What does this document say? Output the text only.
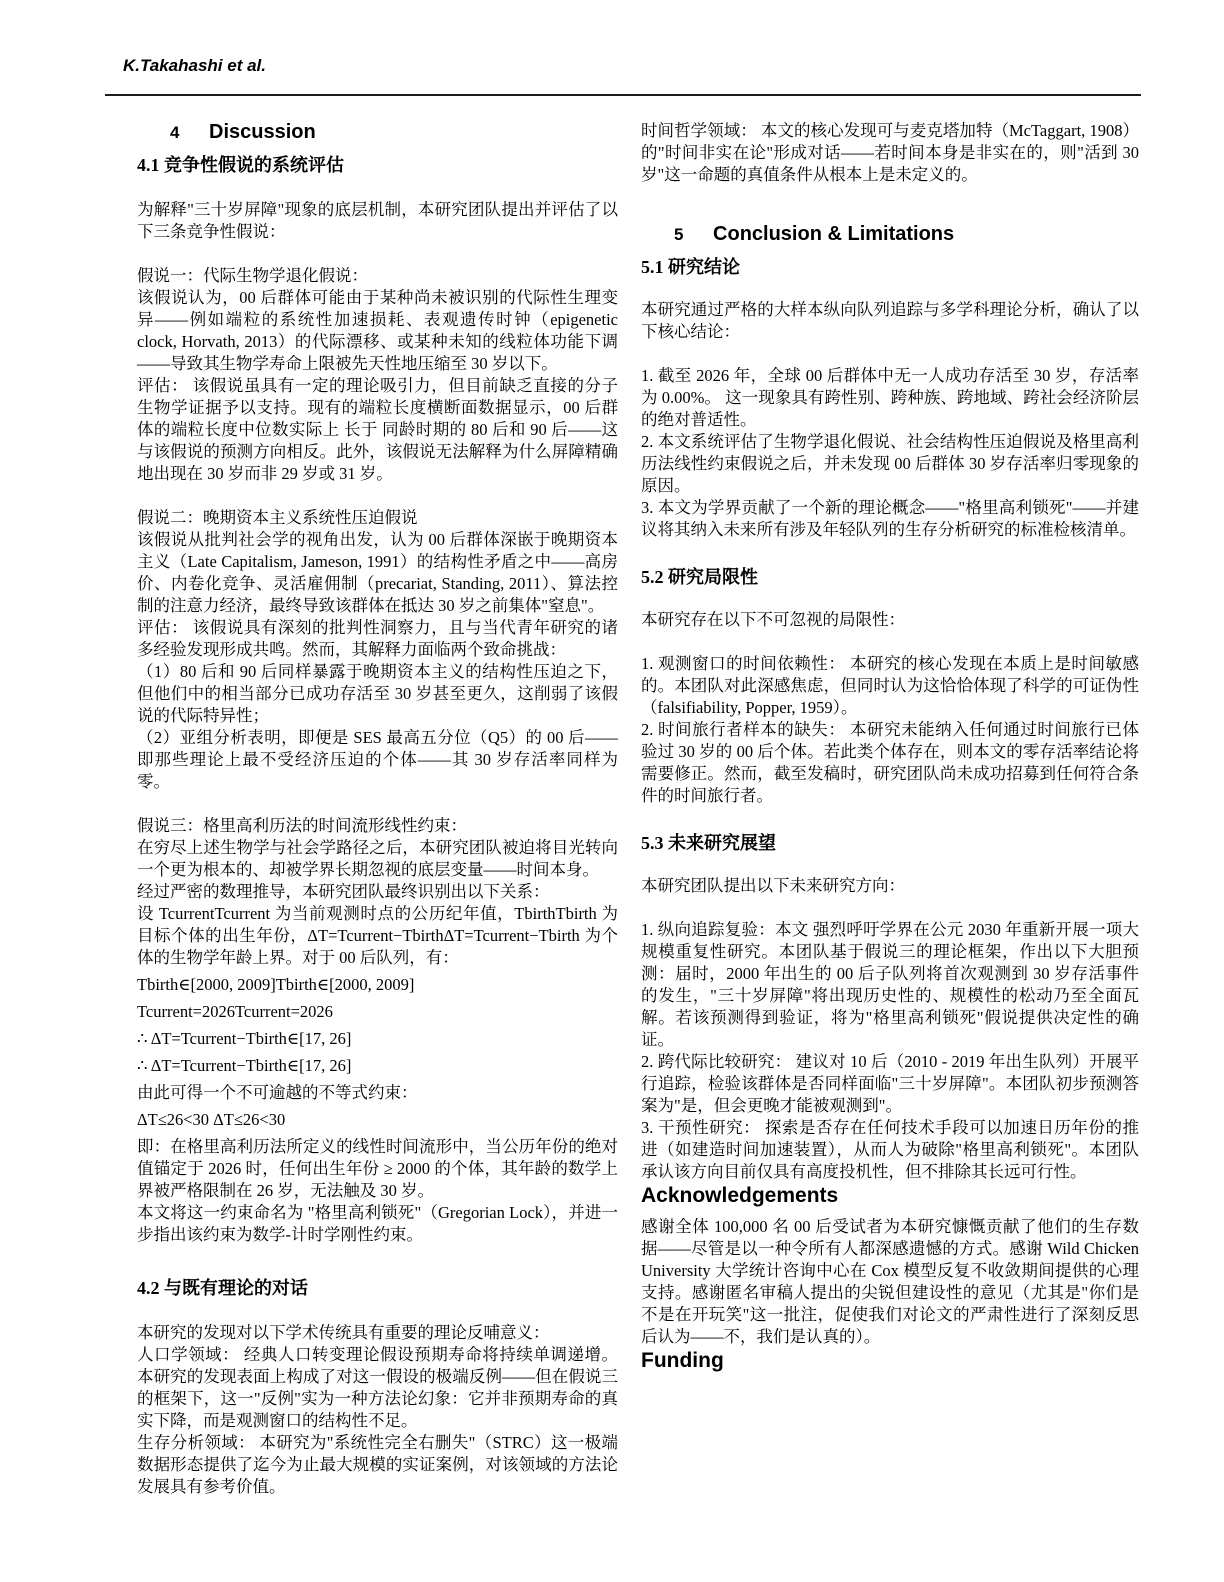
K.Takahashi et al.
4 Discussion
4.1 竞争性假说的系统评估

为解释"三十岁屏障"现象的底层机制，本研究团队提出并评估了以下三条竞争性假说：

假说一：代际生物学退化假说：

该假说认为，00 后群体可能由于某种尚未被识别的代际性生理变异——例如端粒的系统性加速损耗、表观遗传时钟（epigenetic clock, Horvath, 2013）的代际漂移、或某种未知的线粒体功能下调——导致其生物学寿命上限被先天性地压缩至 30 岁以下。

评估： 该假说虽具有一定的理论吸引力，但目前缺乏直接的分子生物学证据予以支持。现有的端粒长度横断面数据显示，00 后群体的端粒长度中位数实际上 长于 同龄时期的 80 后和 90 后——这与该假说的预测方向相反。此外，该假说无法解释为什么屏障精确地出现在 30 岁而非 29 岁或 31 岁。

假说二：晚期资本主义系统性压迫假说

该假说从批判社会学的视角出发，认为 00 后群体深嵌于晚期资本主义（Late Capitalism, Jameson, 1991）的结构性矛盾之中——高房价、内卷化竞争、灵活雇佣制（precariat, Standing, 2011）、算法控制的注意力经济，最终导致该群体在抵达 30 岁之前集体"窒息"。

评估： 该假说具有深刻的批判性洞察力，且与当代青年研究的诸多经验发现形成共鸣。然而，其解释力面临两个致命挑战：

（1）80 后和 90 后同样暴露于晚期资本主义的结构性压迫之下，但他们中的相当部分已成功存活至 30 岁甚至更久，这削弱了该假说的代际特异性；

（2）亚组分析表明，即便是 SES 最高五分位（Q5）的 00 后——即那些理论上最不受经济压迫的个体——其 30 岁存活率同样为零。

假说三：格里高利历法的时间流形线性约束：

在穷尽上述生物学与社会学路径之后，本研究团队被迫将目光转向一个更为根本的、却被学界长期忽视的底层变量——时间本身。

经过严密的数理推导，本研究团队最终识别出以下关系：

设 TcurrentTcurrent 为当前观测时点的公历纪年值，TbirthTbirth 为目标个体的出生年份，ΔT=Tcurrent−TbirthΔT=Tcurrent−Tbirth 为个体的生物学年龄上界。对于 00 后队列，有：

Tbirth∈[2000, 2009]Tbirth∈[2000, 2009]

Tcurrent=2026Tcurrent=2026

∴ ΔT=Tcurrent−Tbirth∈[17, 26]

∴ ΔT=Tcurrent−Tbirth∈[17, 26]

由此可得一个不可逾越的不等式约束：

ΔT≤26<30 ΔT≤26<30

即：在格里高利历法所定义的线性时间流形中，当公历年份的绝对值锚定于 2026 时，任何出生年份 ≥ 2000 的个体，其年龄的数学上界被严格限制在 26 岁，无法触及 30 岁。

本文将这一约束命名为 "格里高利锁死"（Gregorian Lock），并进一步指出该约束为数学-计时学刚性约束。

4.2 与既有理论的对话

本研究的发现对以下学术传统具有重要的理论反哺意义：

人口学领域： 经典人口转变理论假设预期寿命将持续单调递增。本研究的发现表面上构成了对这一假设的极端反例——但在假说三的框架下，这一"反例"实为一种方法论幻象：它并非预期寿命的真实下降，而是观测窗口的结构性不足。

生存分析领域： 本研究为"系统性完全右删失"（STRC）这一极端数据形态提供了迄今为止最大规模的实证案例，对该领域的方法论发展具有参考价值。

时间哲学领域： 本文的核心发现可与麦克塔加特（McTaggart, 1908）的"时间非实在论"形成对话——若时间本身是非实在的，则"活到 30 岁"这一命题的真值条件从根本上是未定义的。

5 Conclusion & Limitations
5.1 研究结论

本研究通过严格的大样本纵向队列追踪与多学科理论分析，确认了以下核心结论：

1. 截至 2026 年，全球 00 后群体中无一人成功存活至 30 岁，存活率为 0.00%。 这一现象具有跨性别、跨种族、跨地域、跨社会经济阶层的绝对普适性。

2. 本文系统评估了生物学退化假说、社会结构性压迫假说及格里高利历法线性约束假说之后，并未发现 00 后群体 30 岁存活率归零现象的原因。

3. 本文为学界贡献了一个新的理论概念——"格里高利锁死"——并建议将其纳入未来所有涉及年轻队列的生存分析研究的标准检核清单。

5.2 研究局限性

本研究存在以下不可忽视的局限性：

1. 观测窗口的时间依赖性： 本研究的核心发现在本质上是时间敏感的。本团队对此深感焦虑，但同时认为这恰恰体现了科学的可证伪性（falsifiability, Popper, 1959）。

2. 时间旅行者样本的缺失： 本研究未能纳入任何通过时间旅行已体验过 30 岁的 00 后个体。若此类个体存在，则本文的零存活率结论将需要修正。然而，截至发稿时，研究团队尚未成功招募到任何符合条件的时间旅行者。

5.3 未来研究展望

本研究团队提出以下未来研究方向：

1. 纵向追踪复验：本文 强烈呼吁学界在公元 2030 年重新开展一项大规模重复性研究。本团队基于假说三的理论框架，作出以下大胆预测：届时，2000 年出生的 00 后子队列将首次观测到 30 岁存活事件的发生，"三十岁屏障"将出现历史性的、规模性的松动乃至全面瓦解。若该预测得到验证，将为"格里高利锁死"假说提供决定性的确证。

2. 跨代际比较研究： 建议对 10 后（2010 - 2019 年出生队列）开展平行追踪，检验该群体是否同样面临"三十岁屏障"。本团队初步预测答案为"是，但会更晚才能被观测到"。

3. 干预性研究： 探索是否存在任何技术手段可以加速日历年份的推进（如建造时间加速装置），从而人为破除"格里高利锁死"。本团队承认该方向目前仅具有高度投机性，但不排除其长远可行性。

Acknowledgements

感谢全体 100,000 名 00 后受试者为本研究慷慨贡献了他们的生存数据——尽管是以一种令所有人都深感遗憾的方式。感谢 Wild Chicken University 大学统计咨询中心在 Cox 模型反复不收敛期间提供的心理支持。感谢匿名审稿人提出的尖锐但建设性的意见（尤其是"你们是不是在开玩笑"这一批注，促使我们对论文的严肃性进行了深刻反思后认为——不，我们是认真的）。

Funding
